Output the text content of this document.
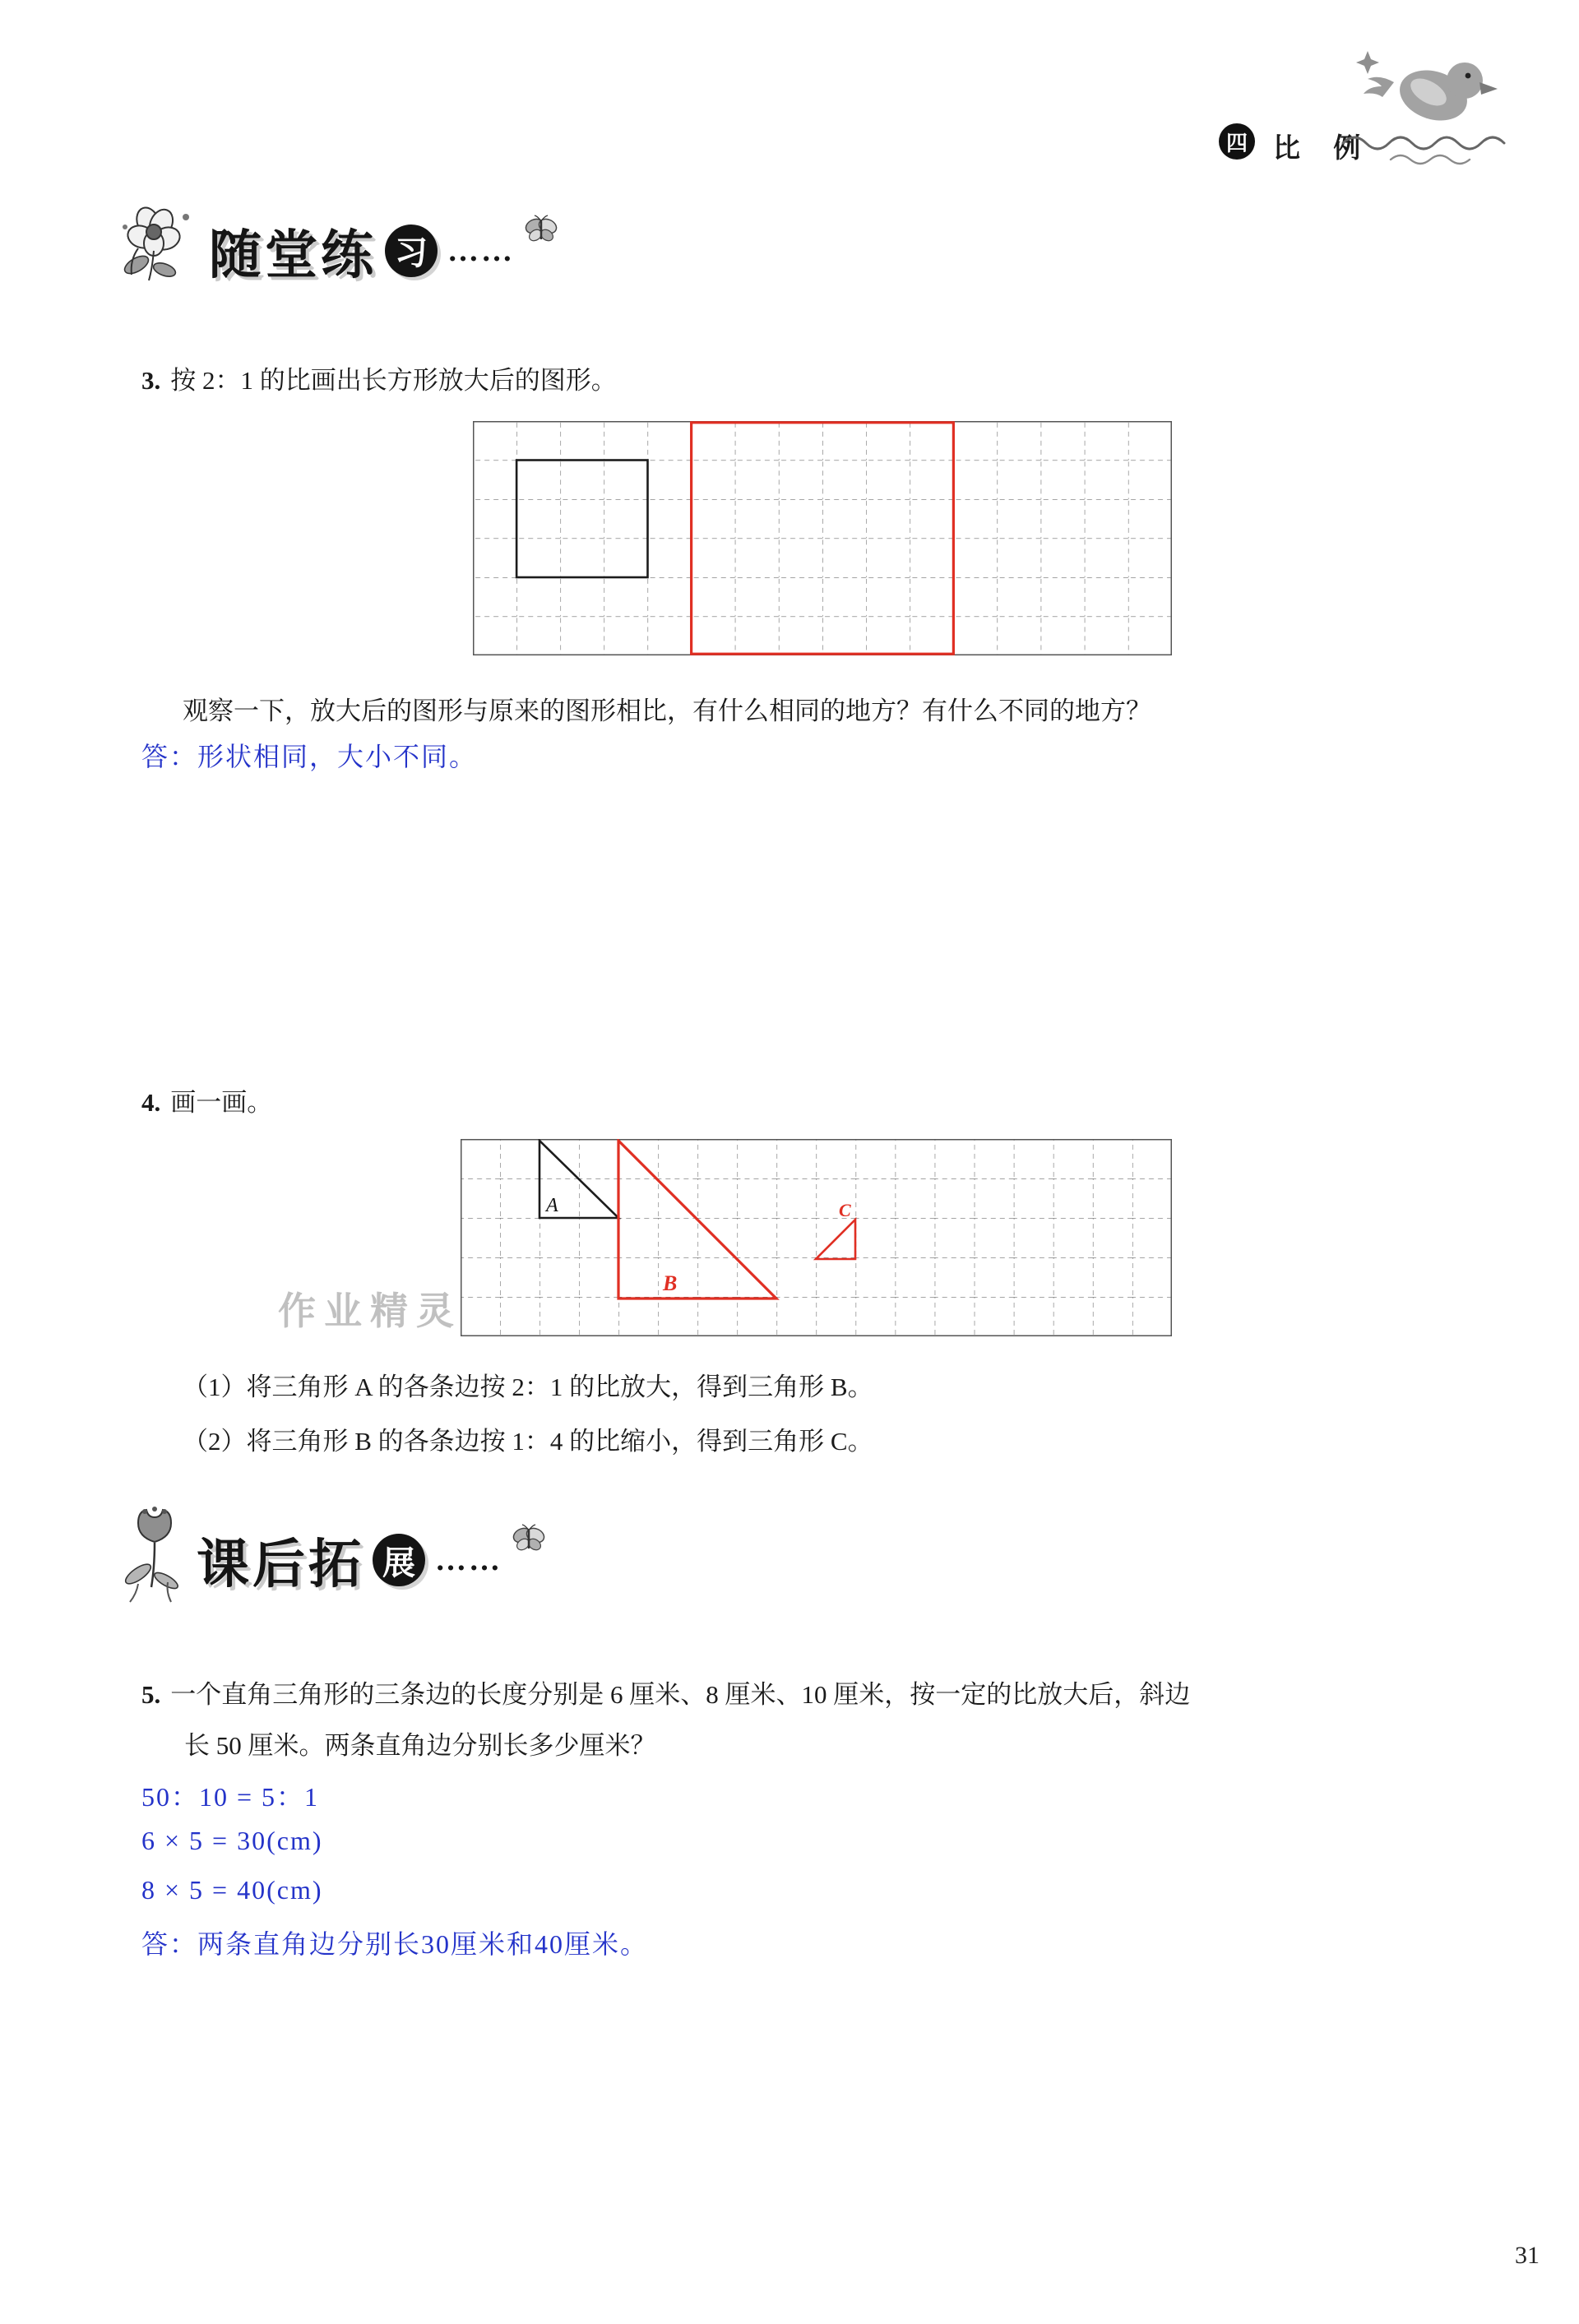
四 比 例
随堂练 习 ……
3. 按 2：1 的比画出长方形放大后的图形。
观察一下，放大后的图形与原来的图形相比，有什么相同的地方？有什么不同的地方？
答：形状相同，大小不同。
4. 画一画。
A
B
C
作业精灵
（1）将三角形 A 的各条边按 2：1 的比放大，得到三角形 B。
（2）将三角形 B 的各条边按 1：4 的比缩小，得到三角形 C。
课后拓 展 ……
5. 一个直角三角形的三条边的长度分别是 6 厘米、8 厘米、10 厘米，按一定的比放大后，斜边
长 50 厘米。两条直角边分别长多少厘米？
50：10 = 5：1
6 × 5 = 30(cm)
8 × 5 = 40(cm)
答：两条直角边分别长30厘米和40厘米。
31
